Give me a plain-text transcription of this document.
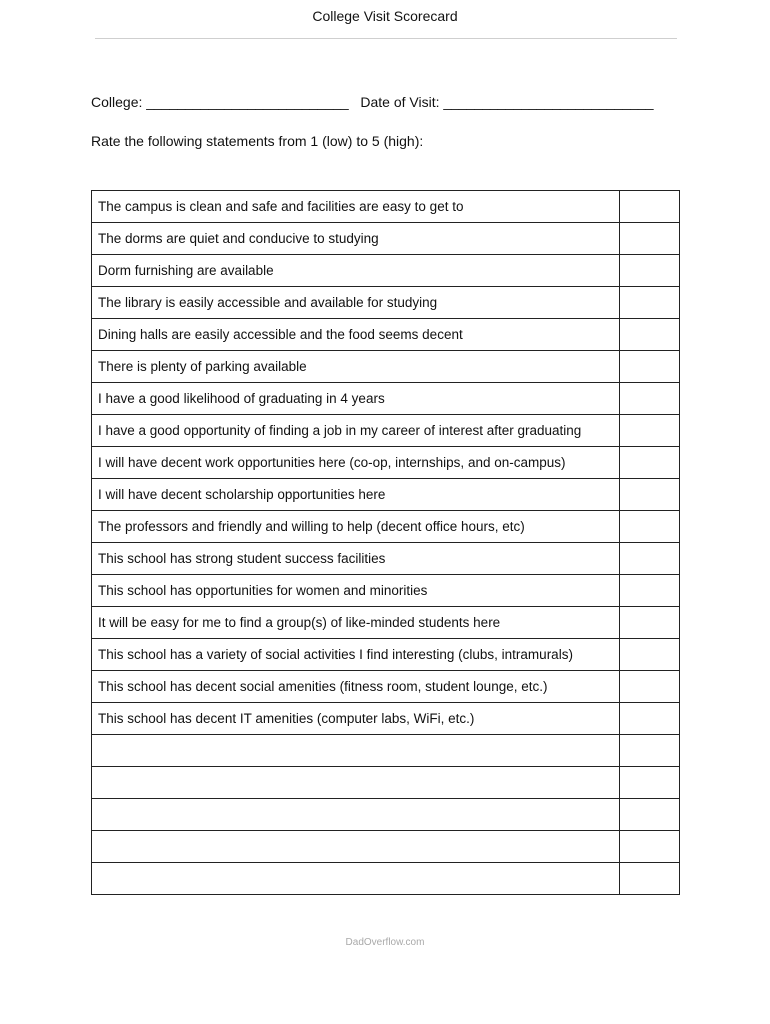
College Visit Scorecard
College: __________________________   Date of Visit: ___________________________
Rate the following statements from 1 (low) to 5 (high):
The campus is clean and safe and facilities are easy to get to	
The dorms are quiet and conducive to studying	
Dorm furnishing are available	
The library is easily accessible and available for studying	
Dining halls are easily accessible and the food seems decent	
There is plenty of parking available	
I have a good likelihood of graduating in 4 years	
I have a good opportunity of finding a job in my career of interest after graduating	
I will have decent work opportunities here (co-op, internships, and on-campus)	
I will have decent scholarship opportunities here	
The professors and friendly and willing to help (decent office hours, etc)	
This school has strong student success facilities	
This school has opportunities for women and minorities	
It will be easy for me to find a group(s) of like-minded students here	
This school has a variety of social activities I find interesting (clubs, intramurals)	
This school has decent social amenities (fitness room, student lounge, etc.)	
This school has decent IT amenities (computer labs, WiFi, etc.)	

DadOverflow.com
